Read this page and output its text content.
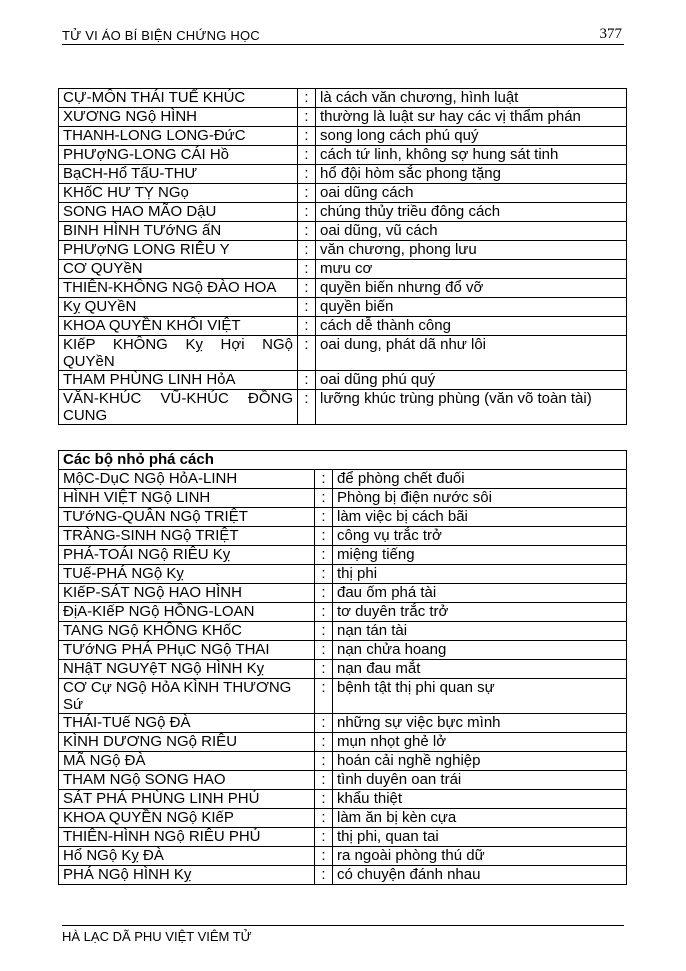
TỬ VI ÁO BÍ BIỆN CHỨNG HỌC	377
CỰ-MÔN THÁI TUẾ KHÚC	:	là cách văn chương, hình luật
XƯƠNG NGộ HÌNH	:	thường là luật sư hay các vị thẩm phán
THANH-LONG LONG-ĐứC	:	song long cách phú quý
PHƯợNG-LONG CÁI Hồ	:	cách tứ linh, không sợ hung sát tinh
BạCH-Hổ TấU-THƯ	:	hổ đội hòm sắc phong tặng
KHốC HƯ TỴ NGọ	:	oai dũng cách
SONG HAO MÃO DậU	:	chúng thủy triều đông cách
BINH HÌNH TƯớNG ấN	:	oai dũng, vũ cách
PHƯợNG LONG RIÊU Y	:	văn chương, phong lưu
CƠ QUYềN	:	mưu cơ
THIÊN-KHÔNG NGộ ĐÀO HOA	:	quyền biến nhưng đổ vỡ
Kỵ QUYềN	:	quyền biến
KHOA QUYỀN KHÔI VIỆT	:	cách dễ thành công
KIếP KHÔNG Kỵ Hợi NGộ QUYềN	:	oai dung, phát dã như lôi
THAM PHÙNG LINH HỏA	:	oai dũng phú quý
VĂN-KHÚC VŨ-KHÚC ĐỒNG CUNG	:	lưỡng khúc trùng phùng (văn võ toàn tài)
Các bộ nhỏ phá cách		
MộC-DụC NGộ HỏA-LINH	:	để phòng chết đuối
HÌNH VIỆT NGộ LINH	:	Phòng bị điện nước sôi
TƯớNG-QUÂN NGộ TRIỆT	:	làm việc bị cách bãi
TRÀNG-SINH NGộ TRIỆT	:	công vụ trắc trở
PHÁ-TOÁI NGộ RIÊU Kỵ	:	miệng tiếng
TUế-PHÁ NGộ Kỵ	:	thị phi
KIếP-SÁT NGộ HAO HÌNH	:	đau ốm phá tài
ĐịA-KIếP NGộ HỒNG-LOAN	:	tơ duyên trắc trở
TANG NGộ KHÔNG KHốC	:	nạn tán tài
TƯớNG PHÁ PHụC NGộ THAI	:	nạn chửa hoang
NHậT NGUYệT NGộ HÌNH Kỵ	:	nạn đau mắt
CƠ Cự NGộ HỏA KÌNH THƯƠNG Sứ	:	bệnh tật thị phi quan sự
THÁI-TUế NGộ ĐÀ	:	những sự việc bực mình
KÌNH DƯƠNG NGộ RIÊU	:	mụn nhọt ghẻ lở
MÃ NGộ ĐÀ	:	hoán cải nghề nghiệp
THAM NGộ SONG HAO	:	tình duyên oan trái
SÁT PHÁ PHÙNG LINH PHỦ	:	khẩu thiệt
KHOA QUYỀN NGộ KIếP	:	làm ăn bị kèn cựa
THIÊN-HÌNH NGộ RIÊU PHỦ	:	thị phi, quan tai
Hổ NGộ Kỵ ĐÀ	:	ra ngoài phòng thú dữ
PHÁ NGộ HÌNH Kỵ	:	có chuyện đánh nhau
HÀ LẠC DÃ PHU VIỆT VIÊM TỬ
